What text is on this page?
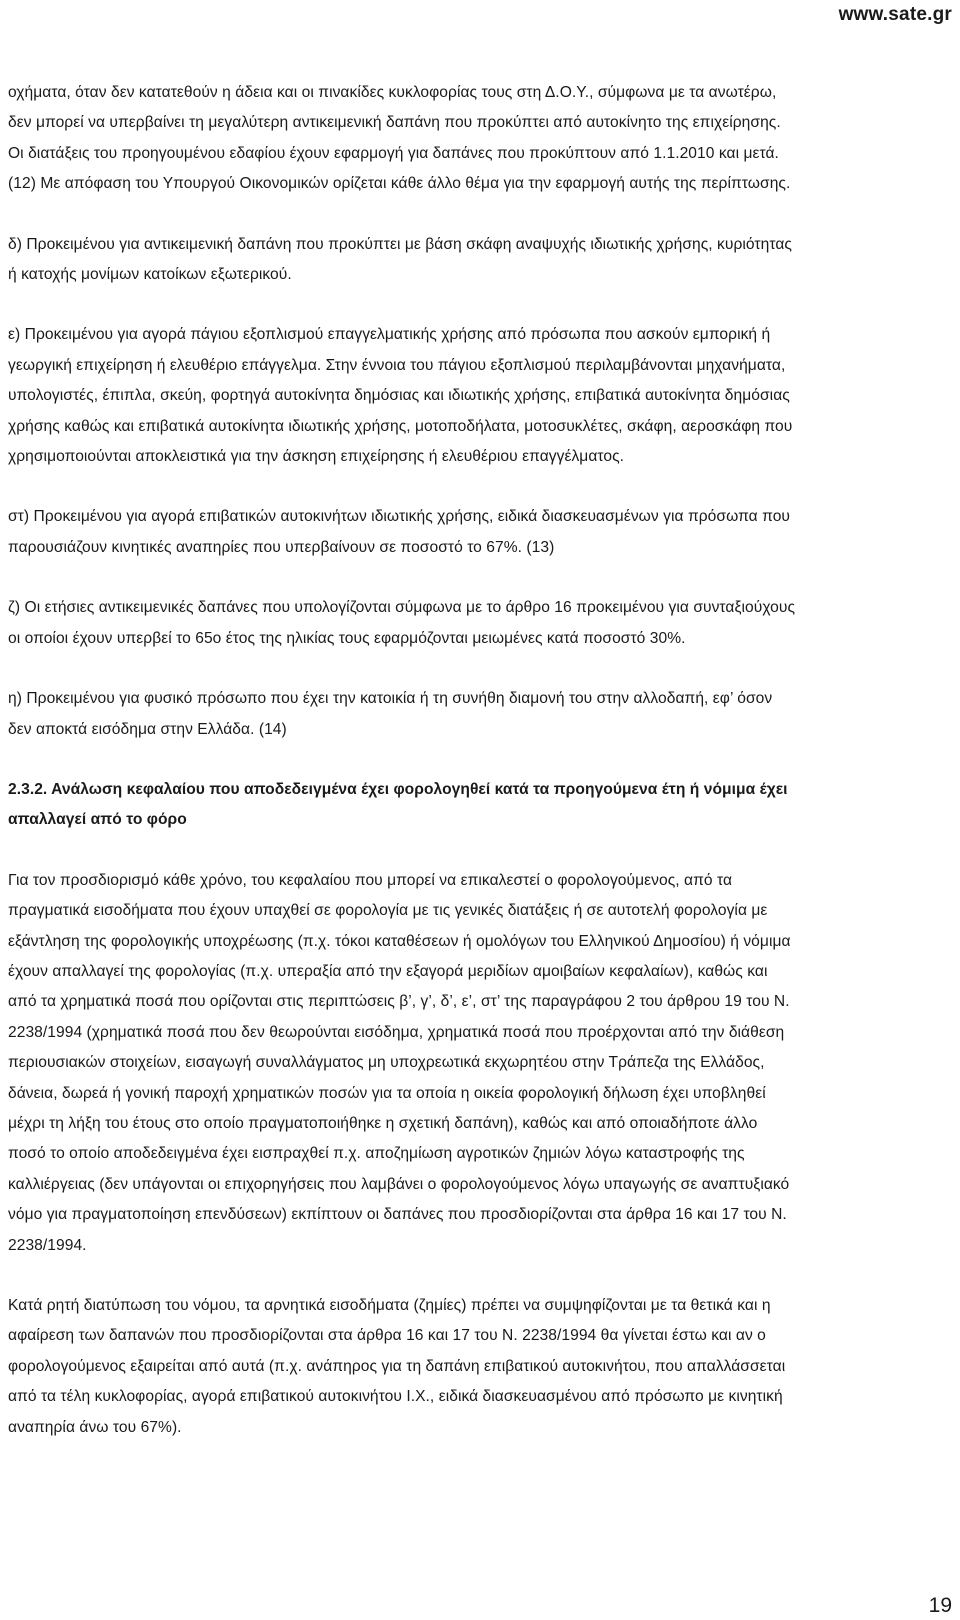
www.sate.gr
οχήματα, όταν δεν κατατεθούν η άδεια και οι πινακίδες κυκλοφορίας τους στη Δ.Ο.Υ., σύμφωνα με τα ανωτέρω,
δεν μπορεί να υπερβαίνει τη μεγαλύτερη αντικειμενική δαπάνη που προκύπτει από αυτοκίνητο της επιχείρησης.
Οι διατάξεις του προηγουμένου εδαφίου έχουν εφαρμογή για δαπάνες που προκύπτουν από 1.1.2010 και μετά.
(12) Με απόφαση του Υπουργού Οικονομικών ορίζεται κάθε άλλο θέμα για την εφαρμογή αυτής της περίπτωσης.
δ) Προκειμένου για αντικειμενική δαπάνη που προκύπτει με βάση σκάφη αναψυχής ιδιωτικής χρήσης, κυριότητας
ή κατοχής μονίμων κατοίκων εξωτερικού.
ε) Προκειμένου για αγορά πάγιου εξοπλισμού επαγγελματικής χρήσης από πρόσωπα που ασκούν εμπορική ή
γεωργική επιχείρηση ή ελευθέριο επάγγελμα. Στην έννοια του πάγιου εξοπλισμού περιλαμβάνονται μηχανήματα,
υπολογιστές, έπιπλα, σκεύη, φορτηγά αυτοκίνητα δημόσιας και ιδιωτικής χρήσης, επιβατικά αυτοκίνητα δημόσιας
χρήσης καθώς και επιβατικά αυτοκίνητα ιδιωτικής χρήσης, μοτοποδήλατα, μοτοσυκλέτες, σκάφη, αεροσκάφη που
χρησιμοποιούνται αποκλειστικά για την άσκηση επιχείρησης ή ελευθέριου επαγγέλματος.
στ) Προκειμένου για αγορά επιβατικών αυτοκινήτων ιδιωτικής χρήσης, ειδικά διασκευασμένων για πρόσωπα που
παρουσιάζουν κινητικές αναπηρίες που υπερβαίνουν σε ποσοστό το 67%. (13)
ζ) Οι ετήσιες αντικειμενικές δαπάνες που υπολογίζονται σύμφωνα με το άρθρο 16 προκειμένου για συνταξιούχους
οι οποίοι έχουν υπερβεί το 65ο έτος της ηλικίας τους εφαρμόζονται μειωμένες κατά ποσοστό 30%.
η) Προκειμένου για φυσικό πρόσωπο που έχει την κατοικία ή τη συνήθη διαμονή του στην αλλοδαπή, εφ’ όσον
δεν αποκτά εισόδημα στην Ελλάδα. (14)
2.3.2. Ανάλωση κεφαλαίου που αποδεδειγμένα έχει φορολογηθεί κατά τα προηγούμενα έτη ή νόμιμα έχει
απαλλαγεί από το φόρο
Για τον προσδιορισμό κάθε χρόνο, του κεφαλαίου που μπορεί να επικαλεστεί ο φορολογούμενος, από τα
πραγματικά εισοδήματα που έχουν υπαχθεί σε φορολογία με τις γενικές διατάξεις ή σε αυτοτελή φορολογία με
εξάντληση της φορολογικής υποχρέωσης (π.χ. τόκοι καταθέσεων ή ομολόγων του Ελληνικού Δημοσίου) ή νόμιμα
έχουν απαλλαγεί της φορολογίας (π.χ. υπεραξία από την εξαγορά μεριδίων αμοιβαίων κεφαλαίων), καθώς και
από τα χρηματικά ποσά που ορίζονται στις περιπτώσεις β’, γ’, δ’, ε’, στ’ της παραγράφου 2 του άρθρου 19 του Ν.
2238/1994 (χρηματικά ποσά που δεν θεωρούνται εισόδημα, χρηματικά ποσά που προέρχονται από την διάθεση
περιουσιακών στοιχείων, εισαγωγή συναλλάγματος μη υποχρεωτικά εκχωρητέου στην Τράπεζα της Ελλάδος,
δάνεια, δωρεά ή γονική παροχή χρηματικών ποσών για τα οποία η οικεία φορολογική δήλωση έχει υποβληθεί
μέχρι τη λήξη του έτους στο οποίο πραγματοποιήθηκε η σχετική δαπάνη), καθώς και από οποιαδήποτε άλλο
ποσό το οποίο αποδεδειγμένα έχει εισπραχθεί π.χ. αποζημίωση αγροτικών ζημιών λόγω καταστροφής της
καλλιέργειας (δεν υπάγονται οι επιχορηγήσεις που λαμβάνει ο φορολογούμενος λόγω υπαγωγής σε αναπτυξιακό
νόμο για πραγματοποίηση επενδύσεων) εκπίπτουν οι δαπάνες που προσδιορίζονται στα άρθρα 16 και 17 του Ν.
2238/1994.
Κατά ρητή διατύπωση του νόμου, τα αρνητικά εισοδήματα (ζημίες) πρέπει να συμψηφίζονται με τα θετικά και η
αφαίρεση των δαπανών που προσδιορίζονται στα άρθρα 16 και 17 του Ν. 2238/1994 θα γίνεται έστω και αν ο
φορολογούμενος εξαιρείται από αυτά (π.χ. ανάπηρος για τη δαπάνη επιβατικού αυτοκινήτου, που απαλλάσσεται
από τα τέλη κυκλοφορίας, αγορά επιβατικού αυτοκινήτου Ι.Χ., ειδικά διασκευασμένου από πρόσωπο με κινητική
αναπηρία άνω του 67%).
19
